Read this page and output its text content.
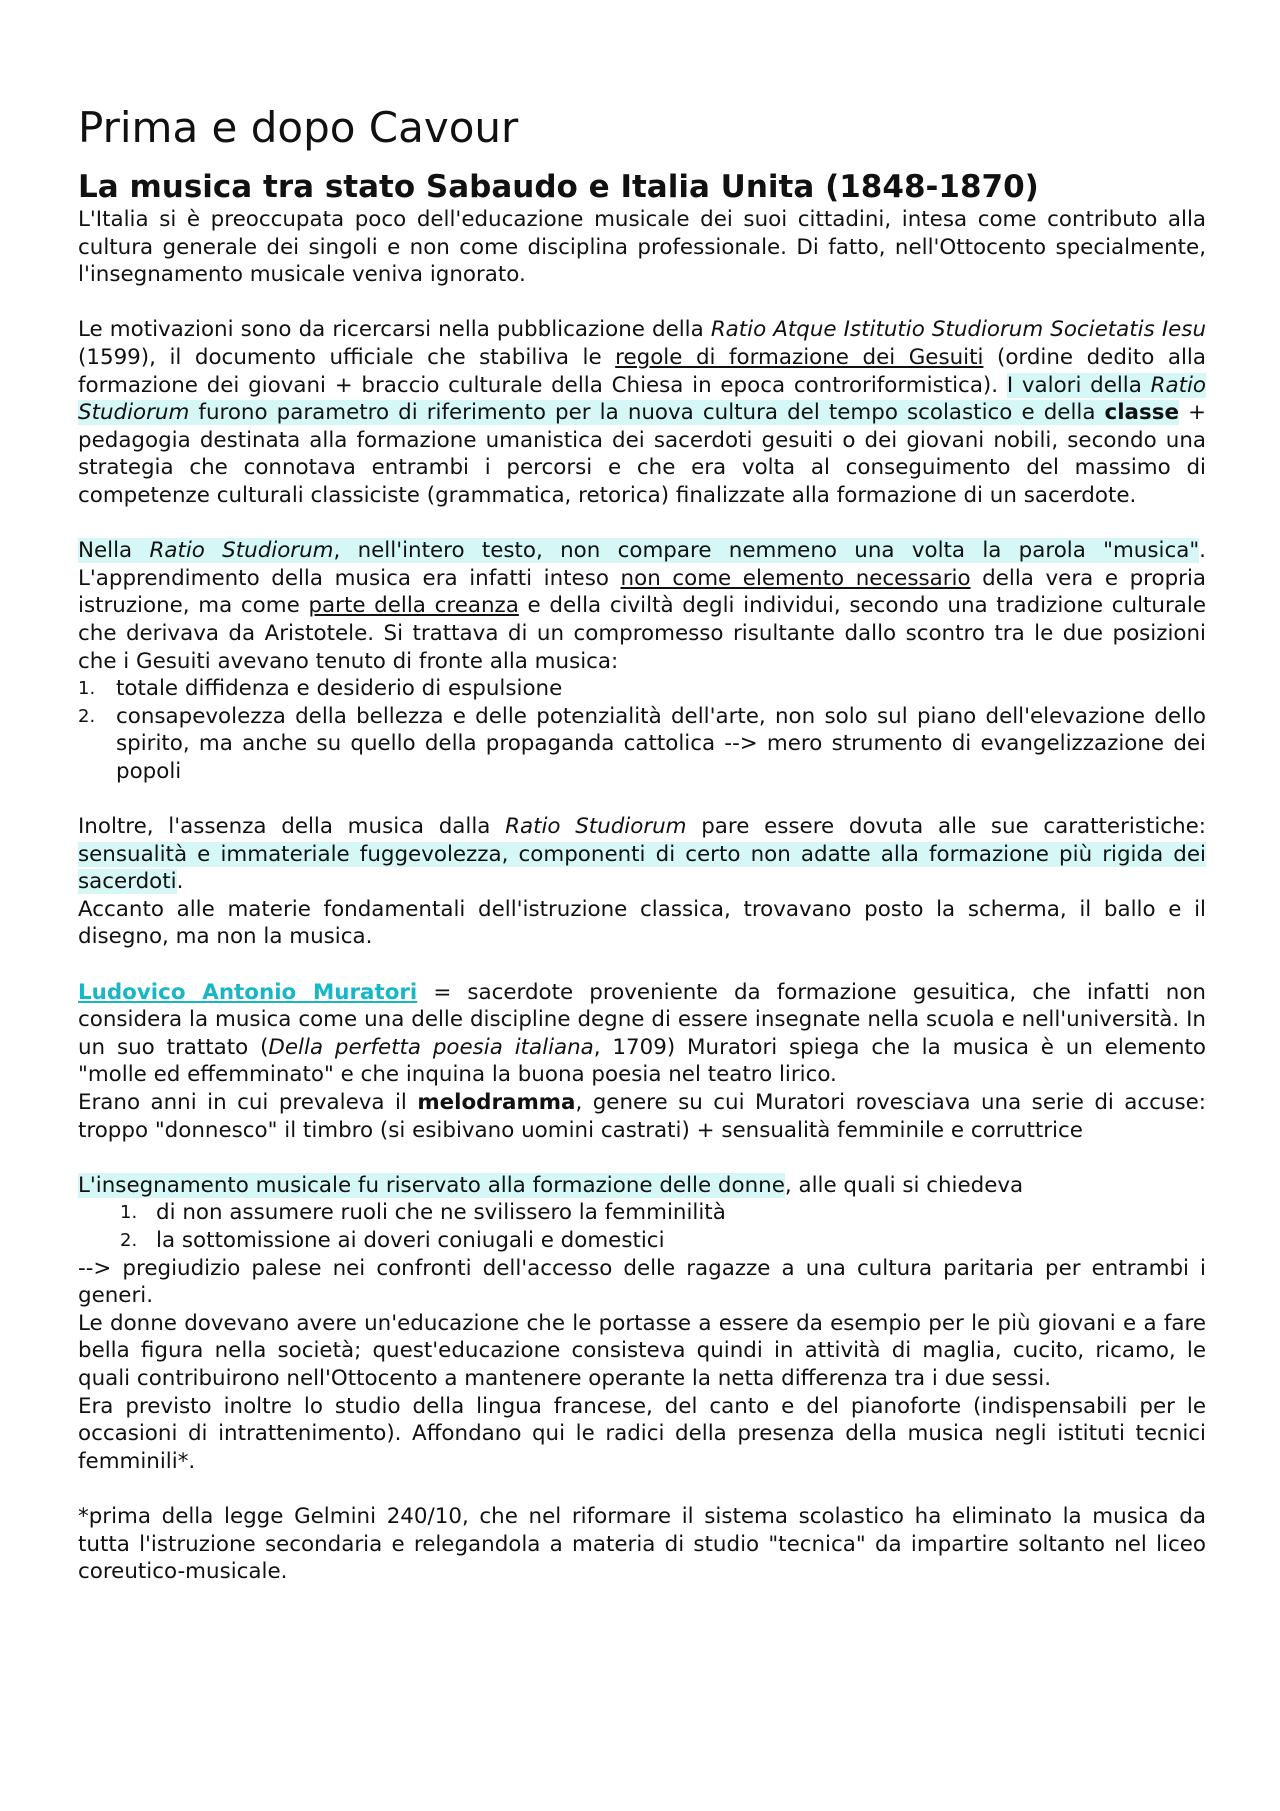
Prima e dopo Cavour
La musica tra stato Sabaudo e Italia Unita (1848-1870)

L'Italia si è preoccupata poco dell'educazione musicale dei suoi cittadini, intesa come contributo alla cultura generale dei singoli e non come disciplina professionale. Di fatto, nell'Ottocento specialmente, l'insegnamento musicale veniva ignorato.

Le motivazioni sono da ricercarsi nella pubblicazione della Ratio Atque Istitutio Studiorum Societatis Iesu (1599), il documento ufficiale che stabiliva le regole di formazione dei Gesuiti (ordine dedito alla formazione dei giovani + braccio culturale della Chiesa in epoca controriformistica). I valori della Ratio Studiorum furono parametro di riferimento per la nuova cultura del tempo scolastico e della classe + pedagogia destinata alla formazione umanistica dei sacerdoti gesuiti o dei giovani nobili, secondo una strategia che connotava entrambi i percorsi e che era volta al conseguimento del massimo di competenze culturali classiciste (grammatica, retorica) finalizzate alla formazione di un sacerdote.

Nella Ratio Studiorum, nell'intero testo, non compare nemmeno una volta la parola "musica". L'apprendimento della musica era infatti inteso non come elemento necessario della vera e propria istruzione, ma come parte della creanza e della civiltà degli individui, secondo una tradizione culturale che derivava da Aristotele. Si trattava di un compromesso risultante dallo scontro tra le due posizioni che i Gesuiti avevano tenuto di fronte alla musica:

1. totale diffidenza e desiderio di espulsione
2. consapevolezza della bellezza e delle potenzialità dell'arte, non solo sul piano dell'elevazione dello spirito, ma anche su quello della propaganda cattolica --> mero strumento di evangelizzazione dei popoli

Inoltre, l'assenza della musica dalla Ratio Studiorum pare essere dovuta alle sue caratteristiche: sensualità e immateriale fuggevolezza, componenti di certo non adatte alla formazione più rigida dei sacerdoti.

Accanto alle materie fondamentali dell'istruzione classica, trovavano posto la scherma, il ballo e il disegno, ma non la musica.

Ludovico Antonio Muratori = sacerdote proveniente da formazione gesuitica, che infatti non considera la musica come una delle discipline degne di essere insegnate nella scuola e nell'università. In un suo trattato (Della perfetta poesia italiana, 1709) Muratori spiega che la musica è un elemento "molle ed effemminato" e che inquina la buona poesia nel teatro lirico.

Erano anni in cui prevaleva il melodramma, genere su cui Muratori rovesciava una serie di accuse: troppo "donnesco" il timbro (si esibivano uomini castrati) + sensualità femminile e corruttrice

L'insegnamento musicale fu riservato alla formazione delle donne, alle quali si chiedeva

1. di non assumere ruoli che ne svilissero la femminilità
2. la sottomissione ai doveri coniugali e domestici

--> pregiudizio palese nei confronti dell'accesso delle ragazze a una cultura paritaria per entrambi i generi.

Le donne dovevano avere un'educazione che le portasse a essere da esempio per le più giovani e a fare bella figura nella società; quest'educazione consisteva quindi in attività di maglia, cucito, ricamo, le quali contribuirono nell'Ottocento a mantenere operante la netta differenza tra i due sessi.

Era previsto inoltre lo studio della lingua francese, del canto e del pianoforte (indispensabili per le occasioni di intrattenimento). Affondano qui le radici della presenza della musica negli istituti tecnici femminili*.

*prima della legge Gelmini 240/10, che nel riformare il sistema scolastico ha eliminato la musica da tutta l'istruzione secondaria e relegandola a materia di studio "tecnica" da impartire soltanto nel liceo coreutico-musicale.
